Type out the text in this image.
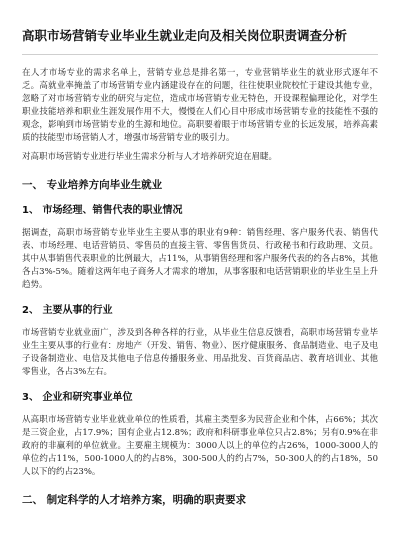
高职市场营销专业毕业生就业走向及相关岗位职责调查分析

在人才市场专业的需求名单上，营销专业总是排名第一，专业营销毕业生的就业形式逐年不乏。高就业率掩盖了市场营销专业内涵建设存在的问题，往往使职业院校忙于建设其他专业，忽略了对市场营销专业的研究与定位，造成市场营销专业无特色，开设课程偏理论化，对学生职业技能培养和职业生涯发展作用不大，慢慢在人们心目中形成市场营销专业的技能性不强的观念，影响到市场营销专业的生源和地位。高职要着眼于市场营销专业的长远发展，培养高素质的技能型市场营销人才，增强市场营销专业的吸引力。

对高职市场营销专业进行毕业生需求分析与人才培养研究迫在眉睫。

一、 专业培养方向毕业生就业
1、 市场经理、销售代表的职业情况

据调查，高职市场营销专业毕业生主要从事的职业有9种：销售经理、客户服务代表、销售代表、市场经理、电话营销员、零售员的直接主管、零售售货员、行政秘书和行政助理、文员。其中从事销售代表职业的比例最大，占11%，从事销售经理和客户服务代表的约各占8%，其他各占3%-5%。随着这两年电子商务人才需求的增加，从事客服和电话营销职业的毕业生呈上升趋势。

2、 主要从事的行业

市场营销专业就业面广，涉及到各种各样的行业，从毕业生信息反馈看，高职市场营销专业毕业生主要从事的行业有：房地产（开发、销售、物业）、医疗健康服务、食品制造业、电子及电子设备制造业、电信及其他电子信息传播服务业、用品批发、百货商品店、教育培训业、其他零售业，各占3%左右。

3、 企业和研究事业单位

从高职市场营销专业毕业就业单位的性质看，其雇主类型多为民营企业和个体，占66%；其次是三资企业，占17.9%；国有企业占12.8%；政府和科研事业单位只占2.8%；另有0.9%在非政府的非赢利的单位就业。主要雇主规模为：3000人以上的单位约占26%，1000-3000人的单位约占11%，500-1000人的约占8%，300-500人的约占7%，50-300人的约占18%，50人以下的约占23%。

二、 制定科学的人才培养方案，明确的职责要求
